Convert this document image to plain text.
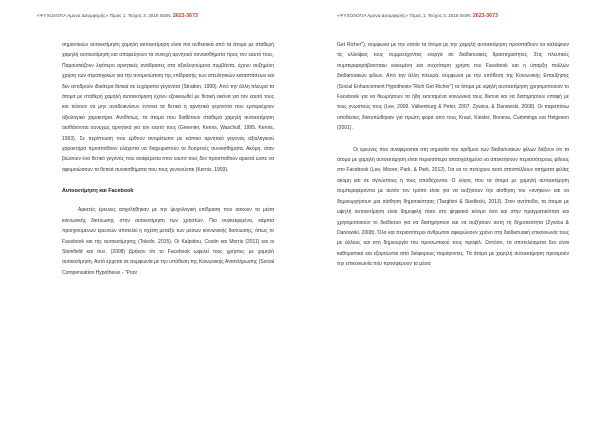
«ΨΥΧΟΛΟΓΙΑ Αμυνα &συμφορής» Τόμος 1, Τεύχος 3, 2018 ISSN: 2623-3673

σημαντικών αυτοεκτίμηση χαμηλή αυτοεκτίμηση είναι πιο ανθεκτικά από τα άτομα με σταθερή χαμηλή αυτοεκτίμηση και αποφεύγουν τα συνεχή αρνητικά συναισθήματα προς τον εαυτό τους. Παρουσιάζουν λιγότερο αρνητικές ανάδρασες στα αξιολογούμενα συμβάντα, έχουν αυξημένη χρήση των στρατηγικών για την αντιμετώπιση της επίδρασης των απειλητικών καταστάσεων και δεν αντιδρούν ιδιαίτερα θετικά σε ευχάριστα γεγονότα (Stratton, 1999). Από την άλλη πλευρά τα άτομα με σταθερή χαμηλή αυτοεκτίμηση έχουν εξοικειωθεί με θετική εικόνα για τον εαυτό τους και τείνουν να μην αναδεικνύουν έντονα τα θετικά ή αρνητικά γεγονότα που εμπεριέχουν αξιολογικό χαρακτήρα. Αντίθετως, τα άτομα που διαθέτουν σταθερά χαμηλή αυτοεκτίμηση αισθάνονται συνεχώς αρνητικά για τον εαυτό τους (Greenier, Kernis, Waschull, 1995. Kernis, 1993). Σε περίπτωση που έρθουν αντιμέτωπα με κάποιο αρνητικό γεγονός αξιολογικού χαρακτήρα προσπαθούν ελάχιστα να διαχειριστούν τα δυσμενές συναισθήματα. Ακόμη, όταν βιώσουν ένα θετικό γεγονός που αναφέρεται στον εαυτό τους δεν προσπαθούν αρκετά ώστε να αφομοιώσουν τα θετικά συναισθήματα που τους γεννιούνται (Kernis, 1993).

Αυτοεκτίμηση και Facebook

Αρκετές έρευνες ασχολήθηκαν με την ψυχολογική επίδραση που ασκούν τα μέσα κοινωνικής δικτύωσης στην αυτοεκτίμηση των χρηστών. Πιο συγκεκριμένα, κάμπια προηγούμενων ερευνών αποτελεί η σχέση μεταξύ των μέσων κοινωνικής δικτύωσης, όπως το Facebook και της αυτοεκτίμησης (Toledo, 2015). Οι Kalpidou, Costin και Morris (2011) και οι Steinfield και συν. (2008) βρήκαν ότι το Facebook ωφελεί τους χρήστες με χαμηλή αυτοεκτίμηση. Αυτό έρχεται σε συμφωνία με την υπόθεση της Κοινωνικής Αναπλήρωσης (Social Compensation Hypothesis - "Poor

«ΨΥΧΟΛΟΓΙΑ Αμυνα &συμφορής» Τόμος 1, Τεύχος 3, 2018 ISSN: 2623-3673

Get Richer"), σύμφωνα με την οποία τα άτομα με την χαμηλή αυτοεκτίμηση προσπαθούν να καλύψουν τις ελλείψεις τους συμμετέχοντας ενεργά σε διαδικτυακές δραστηριότητες. Στις πλευτικές συμπεριφοράβανοταιυ εκκιεμένη και συχνότερη χρήση του Facebook και η ύπαρξη πολλών διαδικτυακών φίλων. Από την άλλη πλευρά, σύμφωνα με την υπόθεση της Κοινωνικής Επαύξησης (Social Enhancement Hypothesis-"Rich Get Richer") τα άτομα με υψηλή αυτοεκτίμηση χρησιμοποιούν το Facebook για να θεωρήσουν τα ήδη εκτεταμένα κοινωνικά τους δίκτυα και να διατηρήσουν επαφή με τους γνωστούς τους (Lee, 2009. Valkenburg & Peter, 2007. Zywica, & Danowski, 2008). Οι παραπάνω υποθέσεις διατυπώθηκαν για πρώτη φορά από τους Kraut, Kiesler, Boneva, Cummings και Helgeson (2001).

Οι έρευνες που αναφέρονται στη σημασία του αριθμού των διαδικτυακών φίλων διέξουν ότι τα άτομα με χαμηλή αυτοεκτίμηση είναι περισσότερο απασχολημένα να αποκτήσουν περισσότερους φίλους στο Facebook (Lee, Moore, Park, & Park, 2012). Για να το πετύχουν αυτό αποστέλλουν αιτήματα φιλίας ακόμη και σε αγνώστους ή τους αποδέχονται. Ο λόγος που τα άτομα με χαμηλή αυτοεκτίμηση συμπεριφέρονται με αυτόν τον τρόπο είναι για να αυξήσουν την αίσθηση του «ανήκειν» και να δημιουργήσουν μια αίσθηση δημοτικότητας (Tazghini & Siedlecki, 2013). Στον αντίποδα, τα άτομα με υψηλή αυτοεκτίμηση είναι δημοφιλή τόσο στο ψηφιακό κόσμο όσο και στην πραγματικότητα και χρησιμοποιούν το διαδίκτυο για να διατηρήσουν και να αυξήσουν αυτή τη δημοτικότητα (Zywica & Danowski, 2008). Όλο και περισσότεροι άνθρωποι αφιερώνουν χρόνο στη διαδικτυακή επικοινωνία τους με άλλους και στη δημιουργία του προσωπικού τους προφίλ. Ωστόσο, τα αποτελέσματα δεν είναι καθοριστικά και εξαρτώνται από διάφορους παράγοντες. Τα άτομα με χαμηλή αυτοεκτίμηση προτιμούν την επικοινωνία που προσφέρουν τα μέσα
